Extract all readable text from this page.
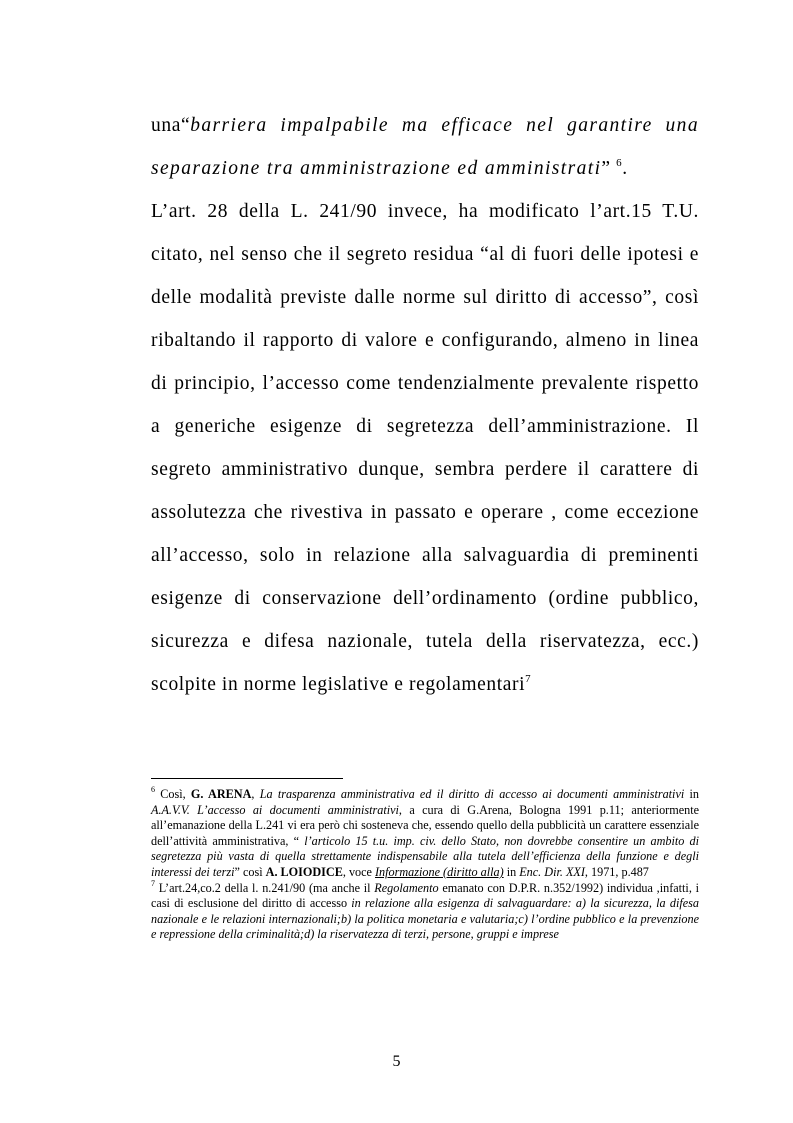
una“barriera impalpabile ma efficace nel garantire una separazione tra amministrazione ed amministrati” $^6$.

L’art. 28 della L. 241/90 invece, ha modificato l’art.15 T.U. citato, nel senso che il segreto residua “al di fuori delle ipotesi e delle modalità previste dalle norme sul diritto di accesso”, così ribaltando il rapporto di valore e configurando, almeno in linea di principio, l’accesso come tendenzialmente prevalente rispetto a generiche esigenze di segretezza dell’amministrazione. Il segreto amministrativo dunque, sembra perdere il carattere di assolutezza che rivestiva in passato e operare , come eccezione all’accesso, solo in relazione alla salvaguardia di preminenti esigenze di conservazione dell’ordinamento (ordine pubblico, sicurezza e difesa nazionale, tutela della riservatezza, ecc.) scolpite in norme legislative e regolamentari$^7$

$^6$ Così, G. ARENA, La trasparenza amministrativa ed il diritto di accesso ai documenti amministrativi in A.A.V.V. L’accesso ai documenti amministrativi, a cura di G.Arena, Bologna 1991 p.11; anteriormente all’emanazione della L.241 vi era però chi sosteneva che, essendo quello della pubblicità un carattere essenziale dell’attività amministrativa, “ l’articolo 15 t.u. imp. civ. dello Stato, non dovrebbe consentire un ambito di segretezza più vasta di quella strettamente indispensabile alla tutela dell’efficienza della funzione e degli interessi dei terzi” così A. LOIODICE, voce Informazione (diritto alla) in Enc. Dir. XXI, 1971, p.487

$^7$ L’art.24,co.2 della l. n.241/90 (ma anche il Regolamento emanato con D.P.R. n.352/1992) individua ,infatti, i casi di esclusione del diritto di accesso in relazione alla esigenza di salvaguardare: a) la sicurezza, la difesa nazionale e le relazioni internazionali;b) la politica monetaria e valutaria;c) l’ordine pubblico e la prevenzione e repressione della criminalità;d) la riservatezza di terzi, persone, gruppi e imprese

5
